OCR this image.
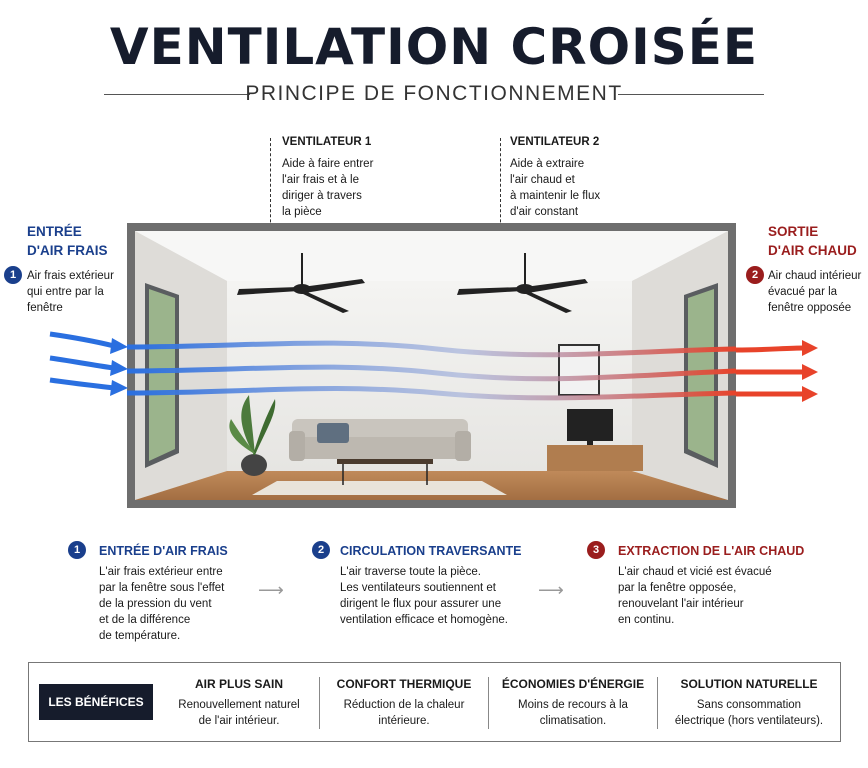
VENTILATION CROISÉE
PRINCIPE DE FONCTIONNEMENT
VENTILATEUR 1
Aide à faire entrer
l'air frais et à le
diriger à travers
la pièce
VENTILATEUR 2
Aide à extraire
l'air chaud et
à maintenir le flux
d'air constant
ENTRÉE
D'AIR FRAIS
1 Air frais extérieur
qui entre par la
fenêtre
SORTIE
D'AIR CHAUD
2 Air chaud intérieur
évacué par la
fenêtre opposée
1	ENTRÉE D'AIR FRAIS
L'air frais extérieur entre
par la fenêtre sous l'effet
de la pression du vent
et de la différence
de température.
⟶
2	CIRCULATION TRAVERSANTE
L'air traverse toute la pièce.
Les ventilateurs soutiennent et
dirigent le flux pour assurer une
ventilation efficace et homogène.
⟶
3	EXTRACTION DE L'AIR CHAUD
L'air chaud et vicié est évacué
par la fenêtre opposée,
renouvelant l'air intérieur
en continu.
LES BÉNÉFICES
AIR PLUS SAIN
Renouvellement naturel
de l'air intérieur.
CONFORT THERMIQUE
Réduction de la chaleur
intérieure.
ÉCONOMIES D'ÉNERGIE
Moins de recours à la
climatisation.
SOLUTION NATURELLE
Sans consommation
électrique (hors ventilateurs).
